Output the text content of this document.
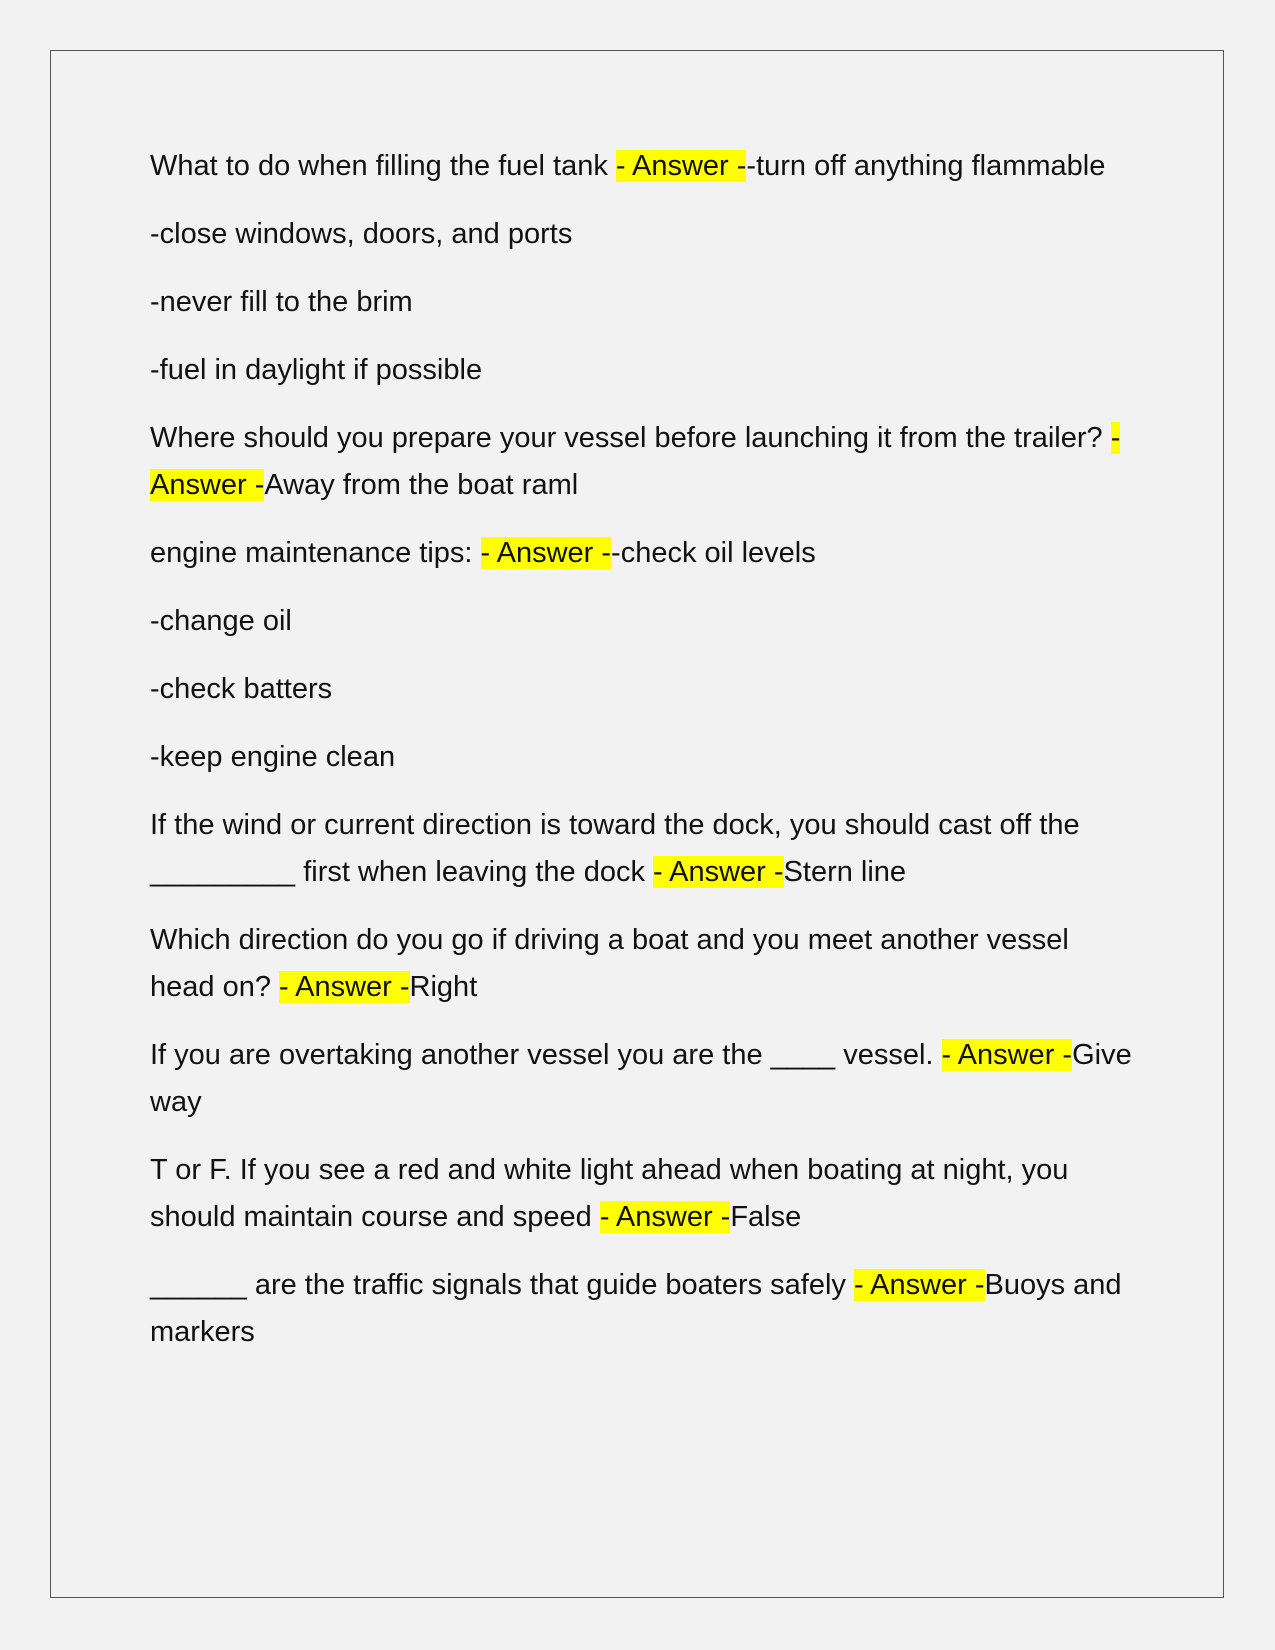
What to do when filling the fuel tank - Answer --turn off anything flammable

-close windows, doors, and ports

-never fill to the brim

-fuel in daylight if possible

Where should you prepare your vessel before launching it from the trailer? - Answer -Away from the boat raml

engine maintenance tips: - Answer --check oil levels

-change oil

-check batters

-keep engine clean

If the wind or current direction is toward the dock, you should cast off the _________ first when leaving the dock - Answer -Stern line

Which direction do you go if driving a boat and you meet another vessel head on? - Answer -Right

If you are overtaking another vessel you are the ____ vessel. - Answer -Give way

T or F. If you see a red and white light ahead when boating at night, you should maintain course and speed - Answer -False

______ are the traffic signals that guide boaters safely - Answer -Buoys and markers
